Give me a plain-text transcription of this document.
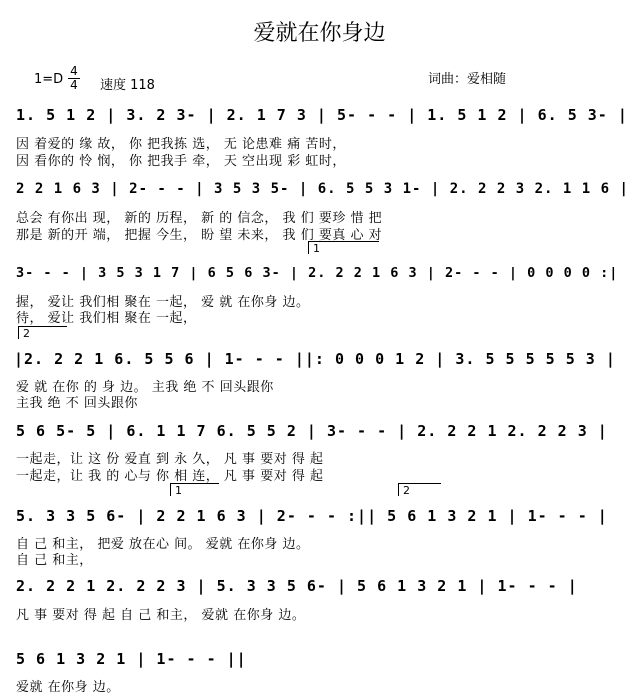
爱就在你身边
1=D
4
4 速度 118	词曲：爱相随
1. 5 1 2 | 3. 2 3- | 2. 1 7 3 | 5- - - | 1. 5 1 2 | 6. 5 3- |
因 着爱的 缘 故， 你 把我拣 选， 无 论患难 痛 苦时，
因 看你的 怜 悯， 你 把我手 牵， 天 空出现 彩 虹时，
2 2 1 6 3 | 2- - - | 3 5 3 5- | 6. 5 5 3 1- | 2. 2 2 3 2. 1 1 6 |
总会 有你出 现， 新的 历程， 新 的 信念， 我 们 要珍 惜 把
那是 新的开 端， 把握 今生， 盼 望 未来， 我 们 要真 心 对
1
3- - - | 3 5 3 1 7 | 6 5 6 3- | 2. 2 2 1 6 3 | 2- - - | 0 0 0 0 :|
握， 爱让 我们相 聚在 一起， 爱 就 在你身 边。
待， 爱让 我们相 聚在 一起，
2
|2. 2 2 1 6. 5 5 6 | 1- - - ||: 0 0 0 1 2 | 3. 5 5 5 5 5 3 |
爱 就 在你 的 身 边。 主我 绝 不 回头跟你
主我 绝 不 回头跟你
5 6 5- 5 | 6. 1 1 7 6. 5 5 2 | 3- - - | 2. 2 2 1 2. 2 2 3 |
一起走，让 这 份 爱直 到 永 久， 凡 事 要对 得 起
一起走，让 我 的 心与 你 相 连， 凡 事 要对 得 起
1	2
5. 3 3 5 6- | 2 2 1 6 3 | 2- - - :|| 5 6 1 3 2 1 | 1- - - |
自 己 和主， 把爱 放在心 间。 爱就 在你身 边。
自 己 和主，
2. 2 2 1 2. 2 2 3 | 5. 3 3 5 6- | 5 6 1 3 2 1 | 1- - - |
凡 事 要对 得 起 自 己 和主， 爱就 在你身 边。
5 6 1 3 2 1 | 1- - - ||
爱就 在你身 边。
